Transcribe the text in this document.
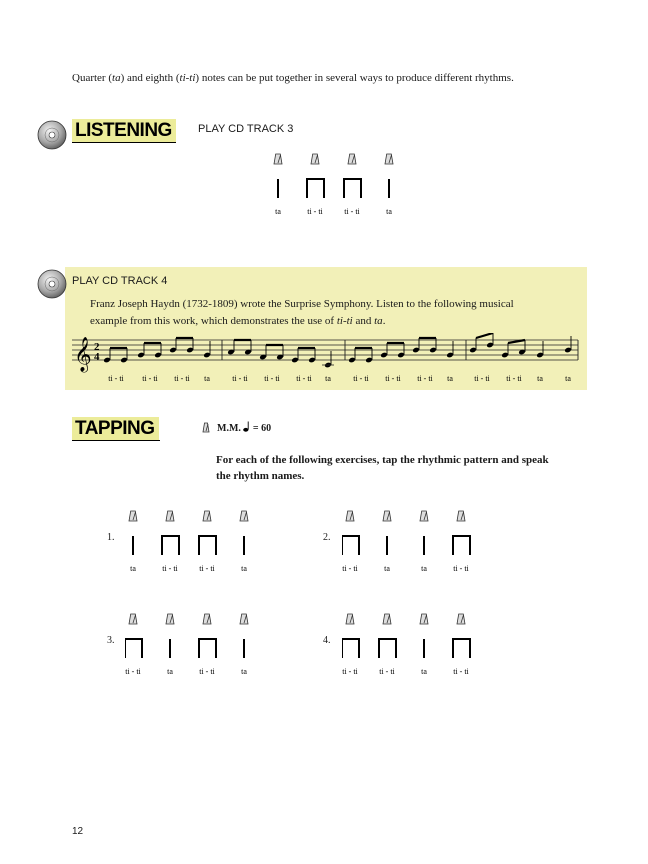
Quarter (ta) and eighth (ti-ti) notes can be put together in several ways to produce different rhythms.
LISTENING	PLAY CD TRACK 3
ta	ti - ti	ti - ti	ta
PLAY CD TRACK 4
Franz Joseph Haydn (1732-1809) wrote the Surprise Symphony. Listen to the following musical
example from this work, which demonstrates the use of ti-ti and ta.
𝄞 2
4
ti - ti ti - ti ti - ti ta	ti - ti ti - ti ti - ti ta	ti - ti ti - ti ti - ti ta	ti - ti ti - ti ta	ta
TAPPING	M.M. = 60
For each of the following exercises, tap the rhythmic pattern and speak
the rhythm names.
1.
ta	ti - ti	ti - ti	ta
2.
ti - ti	ta	ta	ti - ti
3.
ti - ti	ta	ti - ti	ta
4.
ti - ti	ti - ti	ta	ti - ti
12
